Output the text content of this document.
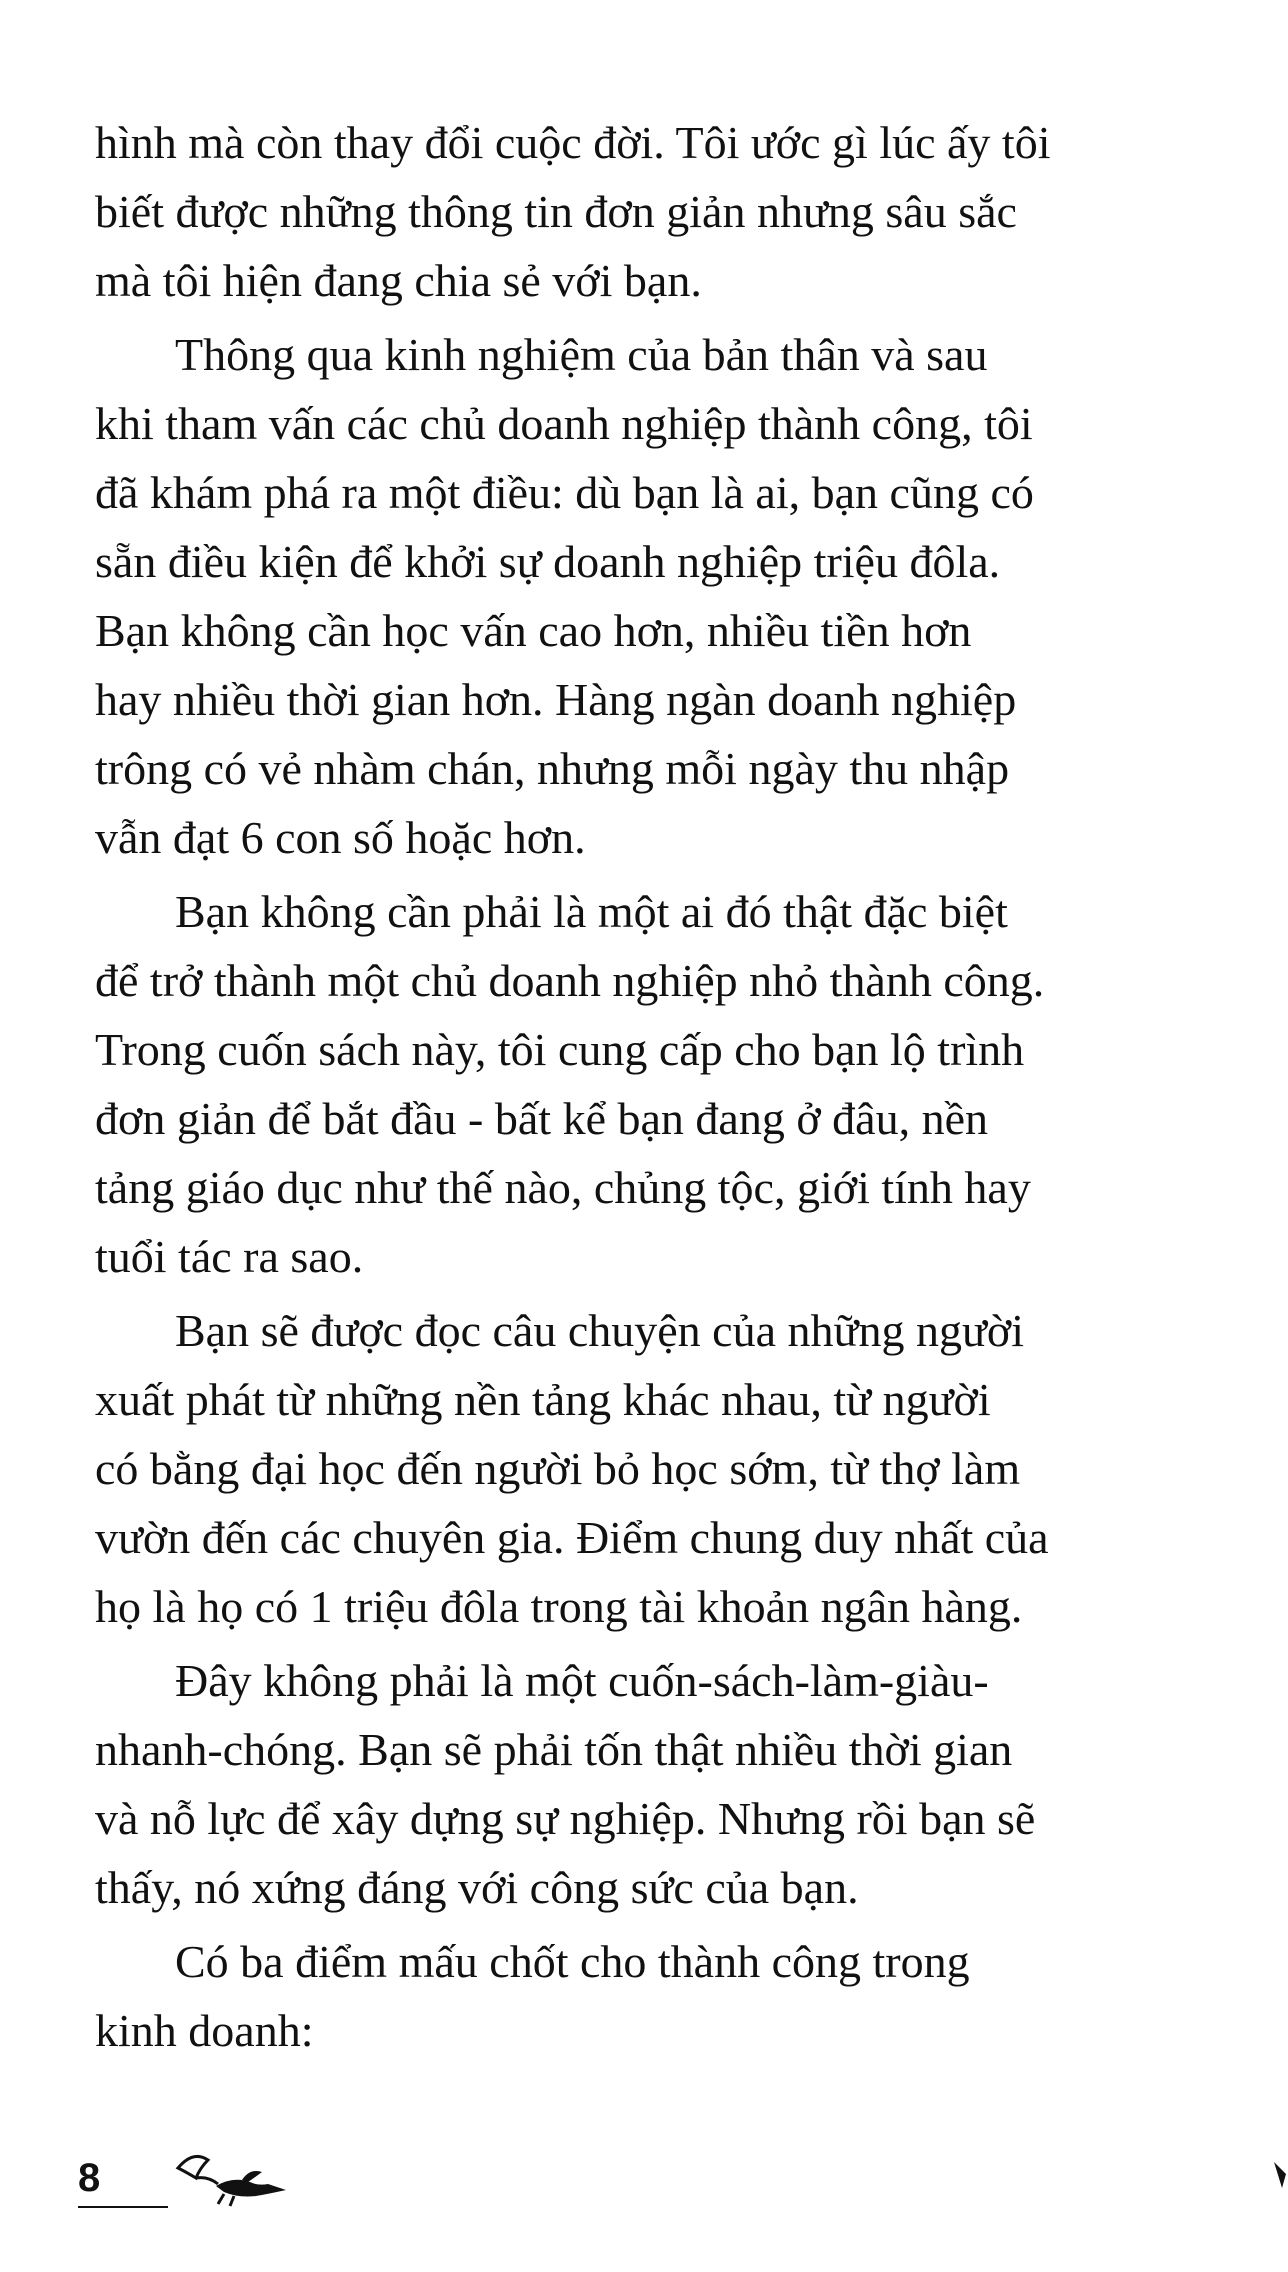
hình mà còn thay đổi cuộc đời. Tôi ước gì lúc ấy tôi
biết được những thông tin đơn giản nhưng sâu sắc
mà tôi hiện đang chia sẻ với bạn.

Thông qua kinh nghiệm của bản thân và sau
khi tham vấn các chủ doanh nghiệp thành công, tôi
đã khám phá ra một điều: dù bạn là ai, bạn cũng có
sẵn điều kiện để khởi sự doanh nghiệp triệu đôla.
Bạn không cần học vấn cao hơn, nhiều tiền hơn
hay nhiều thời gian hơn. Hàng ngàn doanh nghiệp
trông có vẻ nhàm chán, nhưng mỗi ngày thu nhập
vẫn đạt 6 con số hoặc hơn.

Bạn không cần phải là một ai đó thật đặc biệt
để trở thành một chủ doanh nghiệp nhỏ thành công.
Trong cuốn sách này, tôi cung cấp cho bạn lộ trình
đơn giản để bắt đầu - bất kể bạn đang ở đâu, nền
tảng giáo dục như thế nào, chủng tộc, giới tính hay
tuổi tác ra sao.

Bạn sẽ được đọc câu chuyện của những người
xuất phát từ những nền tảng khác nhau, từ người
có bằng đại học đến người bỏ học sớm, từ thợ làm
vườn đến các chuyên gia. Điểm chung duy nhất của
họ là họ có 1 triệu đôla trong tài khoản ngân hàng.

Đây không phải là một cuốn-sách-làm-giàu-
nhanh-chóng. Bạn sẽ phải tốn thật nhiều thời gian
và nỗ lực để xây dựng sự nghiệp. Nhưng rồi bạn sẽ
thấy, nó xứng đáng với công sức của bạn.

Có ba điểm mấu chốt cho thành công trong
kinh doanh:

8
